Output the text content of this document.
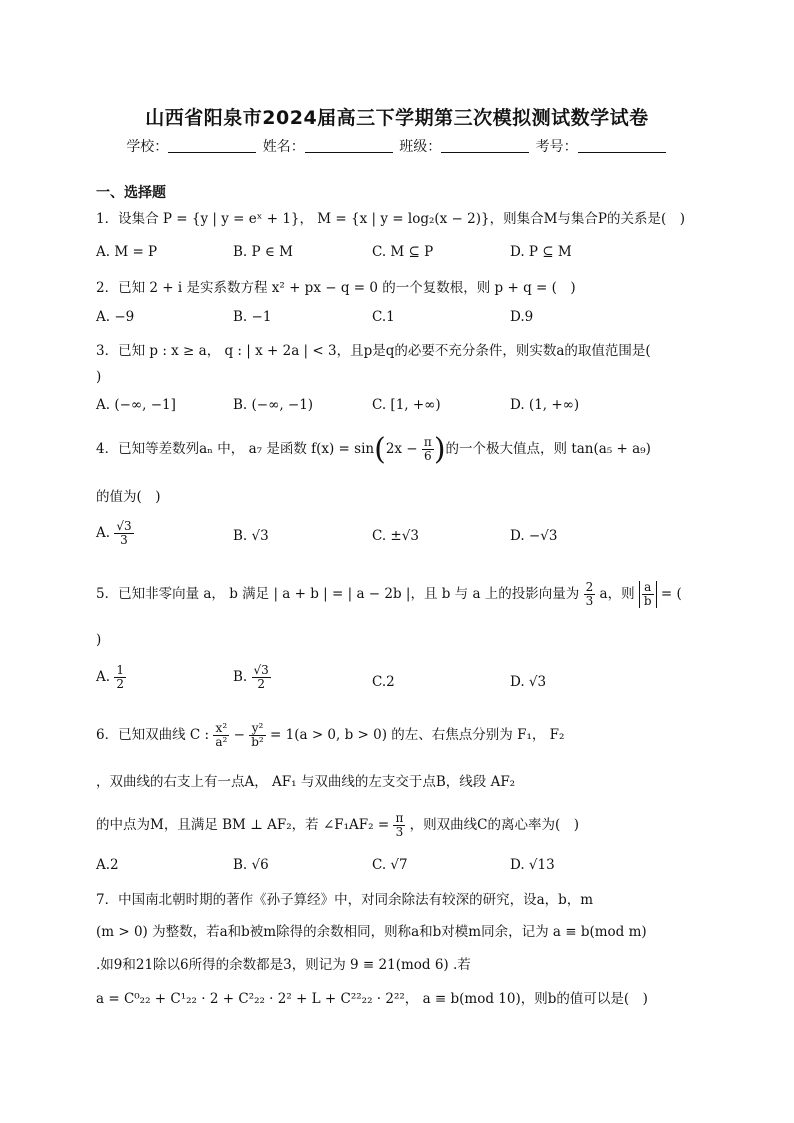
山西省阳泉市2024届高三下学期第三次模拟测试数学试卷
学校：	姓名：	班级：	考号：
一、选择题
1．设集合 P = {y | y = eˣ + 1}， M = {x | y = log₂(x − 2)}，则集合M与集合P的关系是(　)
A. M = P	B. P ∈ M	C. M ⊆ P	D. P ⊆ M
2．已知 2 + i 是实系数方程 x² + px − q = 0 的一个复数根，则 p + q = (　)
A. −9	B. −1	C.1	D.9
3．已知 p : x ≥ a， q : | x + 2a | < 3，且p是q的必要不充分条件，则实数a的取值范围是(
)
A. (−∞, −1]	B. (−∞, −1)	C. [1, +∞)	D. (1, +∞)
4．已知等差数列aₙ 中， a₇ 是函数 $f(x) = \sin(2x - \frac{\pi}{6}$ )的一个极大值点，则 tan(a₅ + a₉)
的值为(　)
A. $\frac{√3}{3}$	B. √3	C. ±√3	D. −√3
5．已知非零向量 a， b 满足 | a + b | = | a − 2b |，且 b 与 a 上的投影向量为 $\frac{2}{3}$ a，则 $\frac{a}{b}$ = (
)
A. $\frac{1}{2}$	B. $\frac{√3}{2}$	C.2	D. √3
6．已知双曲线 C : $\frac{\text{x²}}{\text{a²}} - \frac{\text{y²}}{\text{b²}} = 1(a > 0$, b > 0) 的左、右焦点分别为 F₁， F₂
，双曲线的右支上有一点A， AF₁ 与双曲线的左支交于点B，线段 AF₂
的中点为M，且满足 BM ⊥ AF₂，若 ∠F₁AF₂ = $\frac{\pi}{3}$ ，则双曲线C的离心率为(　)
A.2	B. √6	C. √7	D. √13
7．中国南北朝时期的著作《孙子算经》中，对同余除法有较深的研究，设a，b，m
(m > 0) 为整数，若a和b被m除得的余数相同，则称a和b对模m同余，记为 a ≡ b(mod m)
.如9和21除以6所得的余数都是3，则记为 9 ≡ 21(mod 6) .若
a = C⁰₂₂ + C¹₂₂ · 2 + C²₂₂ · 2² + L + C²²₂₂ · 2²²， a ≡ b(mod 10)，则b的值可以是(　)
